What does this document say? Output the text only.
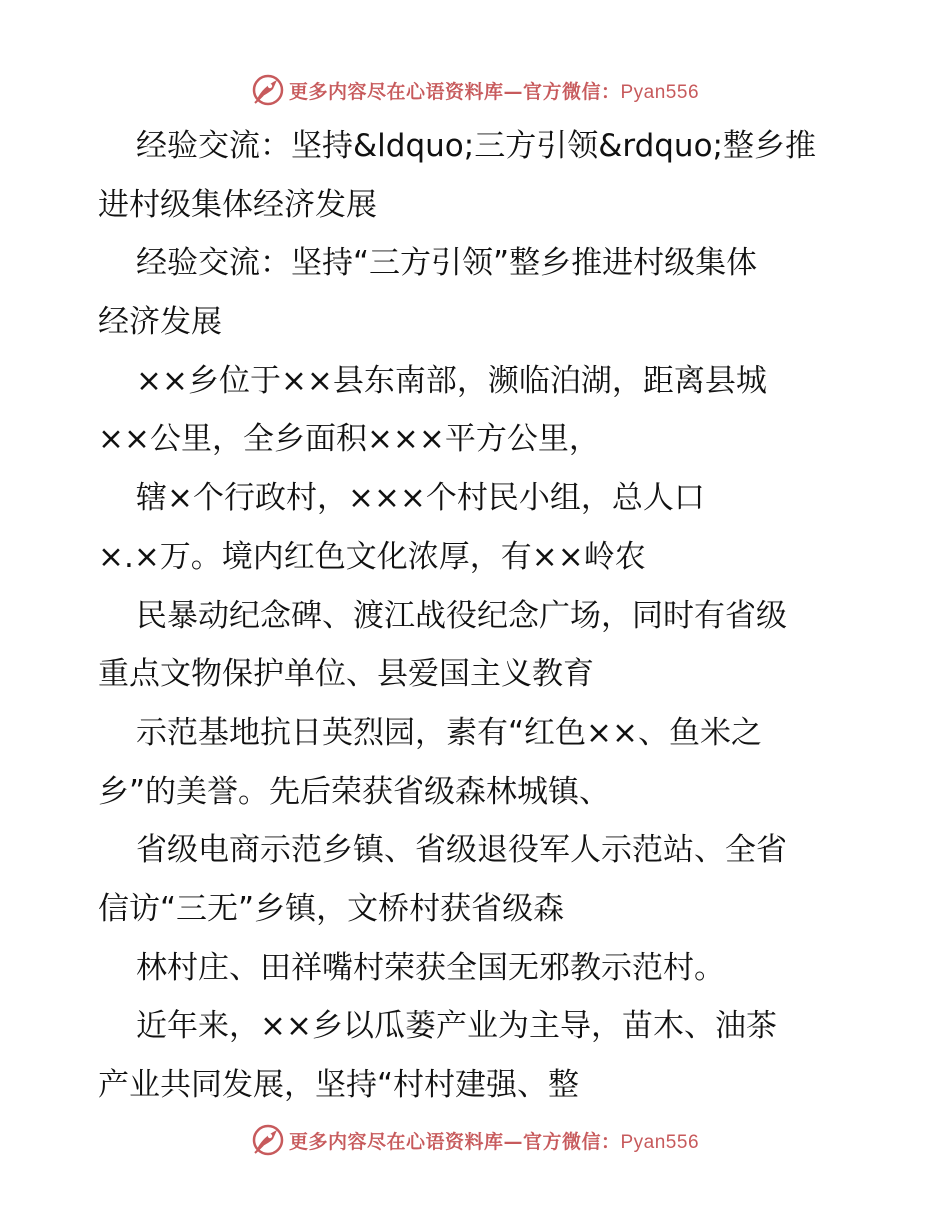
更多内容尽在心语资料库—官方微信：Pyan556
经验交流：坚持&ldquo;三方引领&rdquo;整乡推
进村级集体经济发展
经验交流：坚持“三方引领”整乡推进村级集体
经济发展
××乡位于××县东南部，濒临泊湖，距离县城
××公里，全乡面积×××平方公里，
辖×个行政村，×××个村民小组，总人口
×.×万。境内红色文化浓厚，有××岭农
民暴动纪念碑、渡江战役纪念广场，同时有省级
重点文物保护单位、县爱国主义教育
示范基地抗日英烈园，素有“红色××、鱼米之
乡”的美誉。先后荣获省级森林城镇、
省级电商示范乡镇、省级退役军人示范站、全省
信访“三无”乡镇，文桥村获省级森
林村庄、田祥嘴村荣获全国无邪教示范村。
近年来，××乡以瓜蒌产业为主导，苗木、油茶
产业共同发展，坚持“村村建强、整
更多内容尽在心语资料库—官方微信：Pyan556
